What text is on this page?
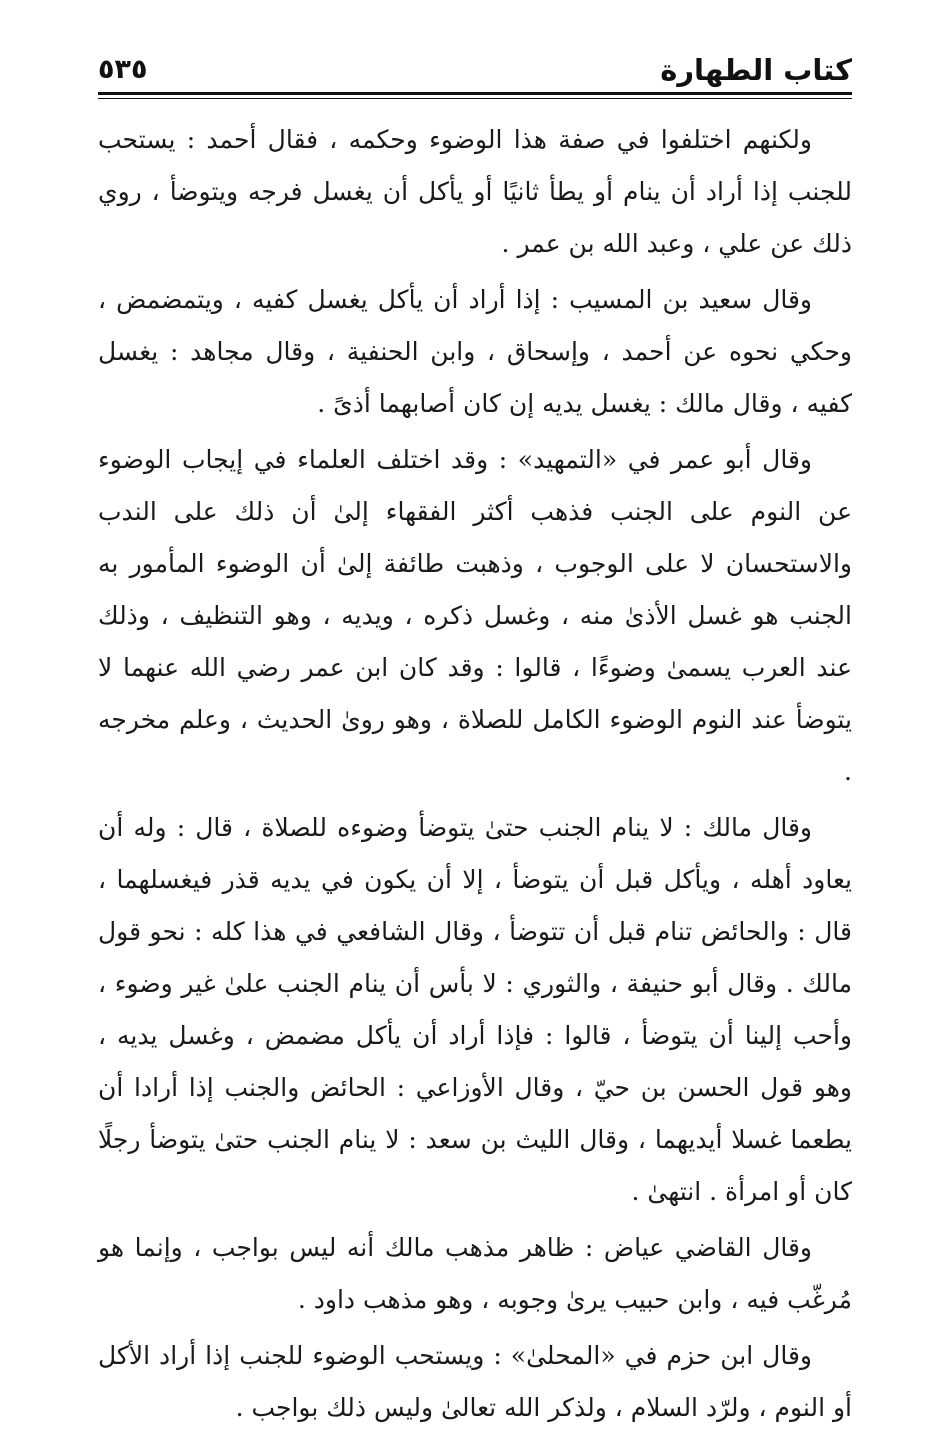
كتاب الطهارة
٥٣٥

ولكنهم اختلفوا في صفة هذا الوضوء وحكمه ، فقال أحمد : يستحب للجنب إذا أراد أن ينام أو يطأ ثانيًا أو يأكل أن يغسل فرجه ويتوضأ ، روي ذلك عن علي ، وعبد الله بن عمر .

وقال سعيد بن المسيب : إذا أراد أن يأكل يغسل كفيه ، ويتمضمض ، وحكي نحوه عن أحمد ، وإسحاق ، وابن الحنفية ، وقال مجاهد : يغسل كفيه ، وقال مالك : يغسل يديه إن كان أصابهما أذىً .

وقال أبو عمر في «التمهيد» : وقد اختلف العلماء في إيجاب الوضوء عن النوم على الجنب فذهب أكثر الفقهاء إلىٰ أن ذلك على الندب والاستحسان لا على الوجوب ، وذهبت طائفة إلىٰ أن الوضوء المأمور به الجنب هو غسل الأذىٰ منه ، وغسل ذكره ، ويديه ، وهو التنظيف ، وذلك عند العرب يسمىٰ وضوءًا ، قالوا : وقد كان ابن عمر رضي الله عنهما لا يتوضأ عند النوم الوضوء الكامل للصلاة ، وهو روىٰ الحديث ، وعلم مخرجه .

وقال مالك : لا ينام الجنب حتىٰ يتوضأ وضوءه للصلاة ، قال : وله أن يعاود أهله ، ويأكل قبل أن يتوضأ ، إلا أن يكون في يديه قذر فيغسلهما ، قال : والحائض تنام قبل أن تتوضأ ، وقال الشافعي في هذا كله : نحو قول مالك . وقال أبو حنيفة ، والثوري : لا بأس أن ينام الجنب علىٰ غير وضوء ، وأحب إلينا أن يتوضأ ، قالوا : فإذا أراد أن يأكل مضمض ، وغسل يديه ، وهو قول الحسن بن حيّ ، وقال الأوزاعي : الحائض والجنب إذا أرادا أن يطعما غسلا أيديهما ، وقال الليث بن سعد : لا ينام الجنب حتىٰ يتوضأ رجلًا كان أو امرأة . انتهىٰ .

وقال القاضي عياض : ظاهر مذهب مالك أنه ليس بواجب ، وإنما هو مُرغّب فيه ، وابن حبيب يرىٰ وجوبه ، وهو مذهب داود .

وقال ابن حزم في «المحلىٰ» : ويستحب الوضوء للجنب إذا أراد الأكل أو النوم ، ولرّد السلام ، ولذكر الله تعالىٰ وليس ذلك بواجب .
